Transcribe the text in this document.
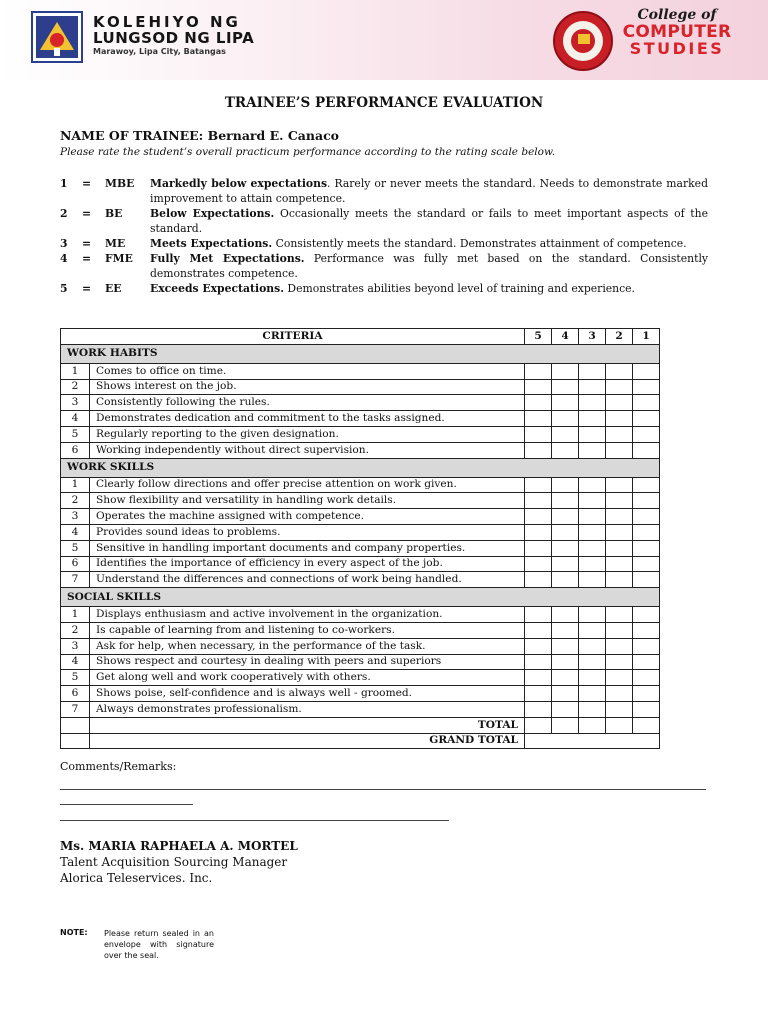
KOLEHIYO NG
LUNGSOD NG LIPA
Marawoy, Lipa City, Batangas
College of
COMPUTER
STUDIES
TRAINEE’S PERFORMANCE EVALUATION
NAME OF TRAINEE: Bernard E. Canaco
Please rate the student’s overall practicum performance according to the rating scale below.
1	=	MBE	Markedly below expectations. Rarely or never meets the standard. Needs to demonstrate marked improvement to attain competence.
2	=	BE	Below Expectations. Occasionally meets the standard or fails to meet important aspects of the standard.
3	=	ME	Meets Expectations. Consistently meets the standard. Demonstrates attainment of competence.
4	=	FME	Fully Met Expectations. Performance was fully met based on the standard. Consistently demonstrates competence.
5	=	EE	Exceeds Expectations. Demonstrates abilities beyond level of training and experience.
CRITERIA		5	4	3	2	1
WORK HABITS						
1	Comes to office on time.					
2	Shows interest on the job.					
3	Consistently following the rules.					
4	Demonstrates dedication and commitment to the tasks assigned.					
5	Regularly reporting to the given designation.					
6	Working independently without direct supervision.					
WORK SKILLS						
1	Clearly follow directions and offer precise attention on work given.					
2	Show flexibility and versatility in handling work details.					
3	Operates the machine assigned with competence.					
4	Provides sound ideas to problems.					
5	Sensitive in handling important documents and company properties.					
6	Identifies the importance of efficiency in every aspect of the job.					
7	Understand the differences and connections of work being handled.					
SOCIAL SKILLS						
1	Displays enthusiasm and active involvement in the organization.					
2	Is capable of learning from and listening to co-workers.					
3	Ask for help, when necessary, in the performance of the task.					
4	Shows respect and courtesy in dealing with peers and superiors					
5	Get along well and work cooperatively with others.					
6	Shows poise, self-confidence and is always well - groomed.					
7	Always demonstrates professionalism.					
	TOTAL					
	GRAND TOTAL					
Comments/Remarks:
Ms. MARIA RAPHAELA A. MORTEL
Talent Acquisition Sourcing Manager
Alorica Teleservices. Inc.
NOTE:	Please return sealed in an envelope with signature over the seal.
